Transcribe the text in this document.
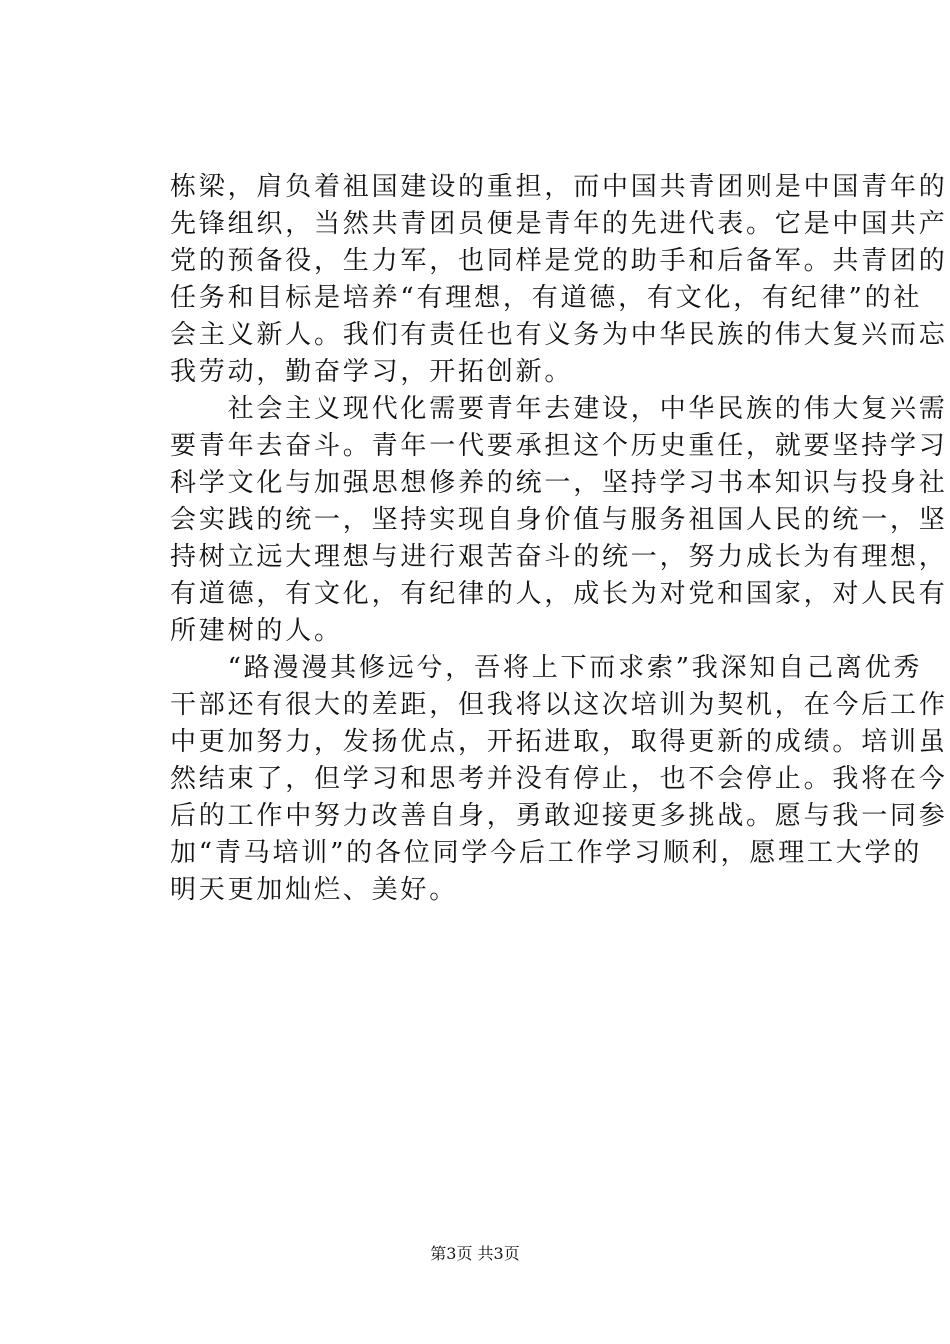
栋梁，肩负着祖国建设的重担，而中国共青团则是中国青年的
先锋组织，当然共青团员便是青年的先进代表。它是中国共产
党的预备役，生力军，也同样是党的助手和后备军。共青团的
任务和目标是培养“有理想，有道德，有文化，有纪律”的社
会主义新人。我们有责任也有义务为中华民族的伟大复兴而忘
我劳动，勤奋学习，开拓创新。
　　社会主义现代化需要青年去建设，中华民族的伟大复兴需
要青年去奋斗。青年一代要承担这个历史重任，就要坚持学习
科学文化与加强思想修养的统一，坚持学习书本知识与投身社
会实践的统一，坚持实现自身价值与服务祖国人民的统一，坚
持树立远大理想与进行艰苦奋斗的统一，努力成长为有理想，
有道德，有文化，有纪律的人，成长为对党和国家，对人民有
所建树的人。
　　“路漫漫其修远兮，吾将上下而求索”我深知自己离优秀
干部还有很大的差距，但我将以这次培训为契机，在今后工作
中更加努力，发扬优点，开拓进取，取得更新的成绩。培训虽
然结束了，但学习和思考并没有停止，也不会停止。我将在今
后的工作中努力改善自身，勇敢迎接更多挑战。愿与我一同参
加“青马培训”的各位同学今后工作学习顺利，愿理工大学的
明天更加灿烂、美好。
第3页 共3页
